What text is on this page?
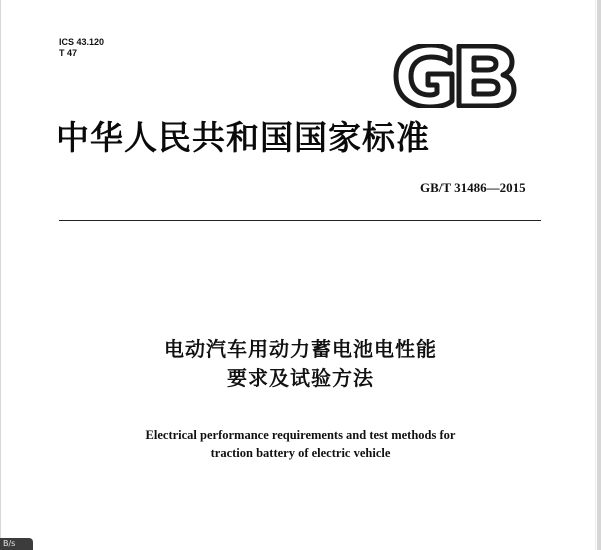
ICS 43.120
T 47
GB
中华人民共和国国家标准
GB/T 31486—2015
电动汽车用动力蓄电池电性能
要求及试验方法
Electrical performance requirements and test methods for
traction battery of electric vehicle
B/s
